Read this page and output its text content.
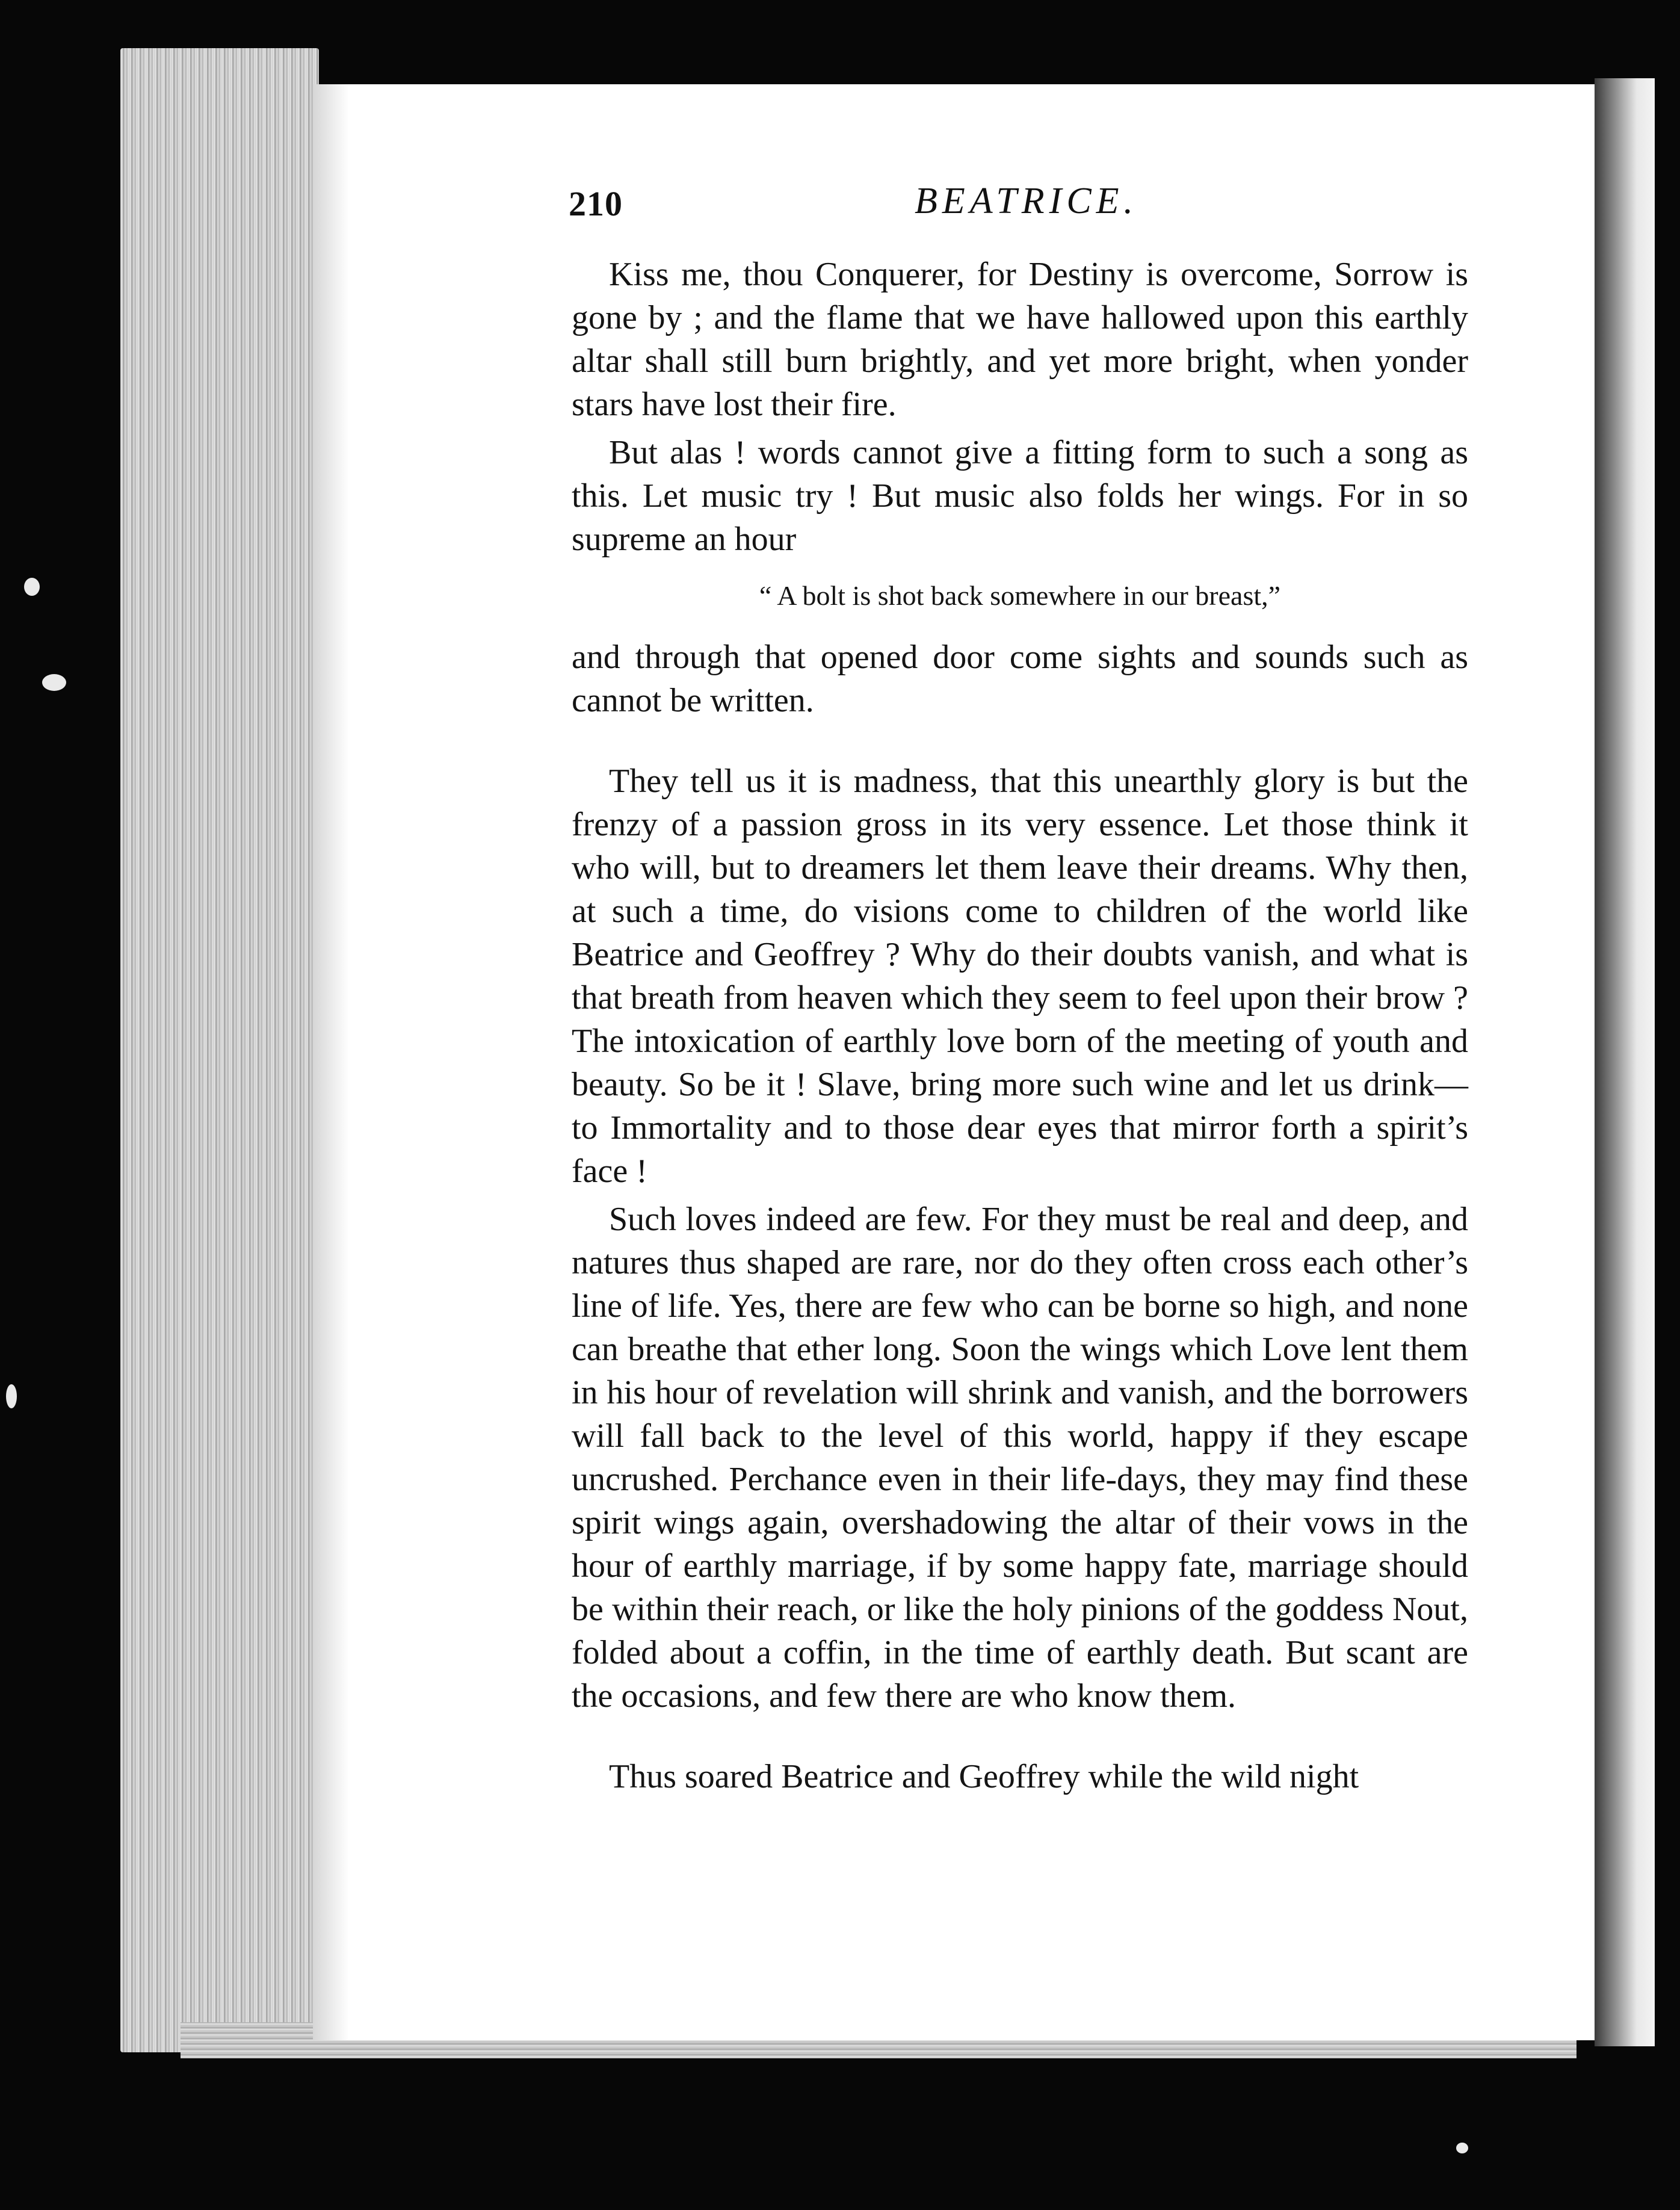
210	BEATRICE.

Kiss me, thou Conquerer, for Destiny is overcome, Sorrow is gone by ; and the flame that we have hallowed upon this earthly altar shall still burn brightly, and yet more bright, when yonder stars have lost their fire.

But alas ! words cannot give a fitting form to such a song as this. Let music try ! But music also folds her wings. For in so supreme an hour

“ A bolt is shot back somewhere in our breast,”

and through that opened door come sights and sounds such as cannot be written.

They tell us it is madness, that this unearthly glory is but the frenzy of a passion gross in its very essence. Let those think it who will, but to dreamers let them leave their dreams. Why then, at such a time, do visions come to children of the world like Beatrice and Geoffrey ? Why do their doubts vanish, and what is that breath from heaven which they seem to feel upon their brow ? The intoxication of earthly love born of the meeting of youth and beauty. So be it ! Slave, bring more such wine and let us drink—to Immortality and to those dear eyes that mirror forth a spirit’s face !

Such loves indeed are few. For they must be real and deep, and natures thus shaped are rare, nor do they often cross each other’s line of life. Yes, there are few who can be borne so high, and none can breathe that ether long. Soon the wings which Love lent them in his hour of revelation will shrink and vanish, and the borrowers will fall back to the level of this world, happy if they escape uncrushed. Perchance even in their life-days, they may find these spirit wings again, overshadowing the altar of their vows in the hour of earthly marriage, if by some happy fate, marriage should be within their reach, or like the holy pinions of the goddess Nout, folded about a coffin, in the time of earthly death. But scant are the occasions, and few there are who know them.

Thus soared Beatrice and Geoffrey while the wild night
